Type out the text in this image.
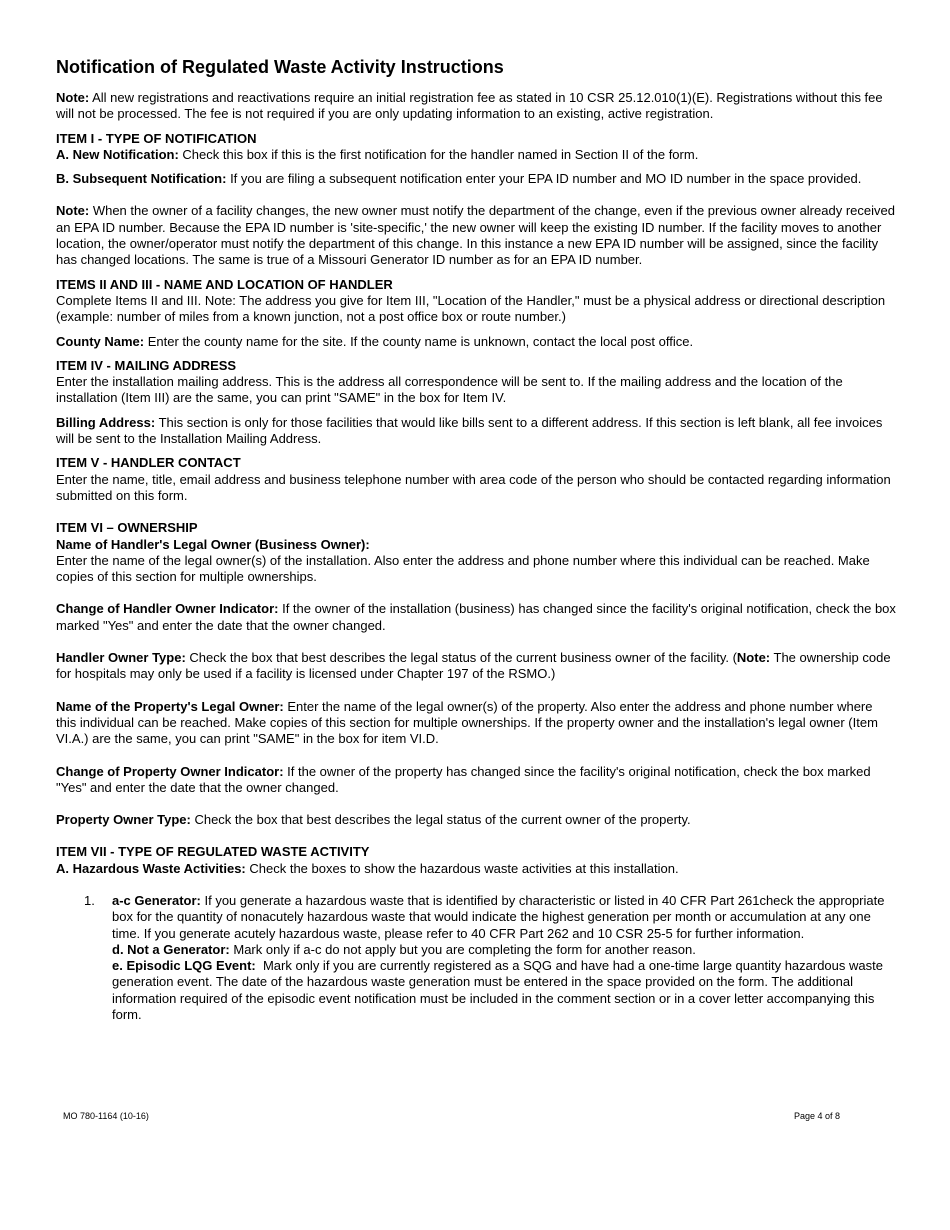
Notification of Regulated Waste Activity Instructions

Note: All new registrations and reactivations require an initial registration fee as stated in 10 CSR 25.12.010(1)(E). Registrations without this fee will not be processed. The fee is not required if you are only updating information to an existing, active registration.

ITEM I - TYPE OF NOTIFICATION

A. New Notification: Check this box if this is the first notification for the handler named in Section II of the form.

B. Subsequent Notification: If you are filing a subsequent notification enter your EPA ID number and MO ID number in the space provided.

Note: When the owner of a facility changes, the new owner must notify the department of the change, even if the previous owner already received an EPA ID number. Because the EPA ID number is 'site-specific,' the new owner will keep the existing ID number. If the facility moves to another location, the owner/operator must notify the department of this change. In this instance a new EPA ID number will be assigned, since the facility has changed locations. The same is true of a Missouri Generator ID number as for an EPA ID number.

ITEMS II AND III - NAME AND LOCATION OF HANDLER

Complete Items II and III. Note: The address you give for Item III, "Location of the Handler," must be a physical address or directional description (example: number of miles from a known junction, not a post office box or route number.)

County Name: Enter the county name for the site. If the county name is unknown, contact the local post office.

ITEM IV - MAILING ADDRESS

Enter the installation mailing address. This is the address all correspondence will be sent to. If the mailing address and the location of the installation (Item III) are the same, you can print "SAME" in the box for Item IV.

Billing Address: This section is only for those facilities that would like bills sent to a different address. If this section is left blank, all fee invoices will be sent to the Installation Mailing Address.

ITEM V - HANDLER CONTACT

Enter the name, title, email address and business telephone number with area code of the person who should be contacted regarding information submitted on this form.

ITEM VI – OWNERSHIP

Name of Handler's Legal Owner (Business Owner):

Enter the name of the legal owner(s) of the installation. Also enter the address and phone number where this individual can be reached. Make copies of this section for multiple ownerships.

Change of Handler Owner Indicator: If the owner of the installation (business) has changed since the facility's original notification, check the box marked "Yes" and enter the date that the owner changed.

Handler Owner Type: Check the box that best describes the legal status of the current business owner of the facility. (Note: The ownership code for hospitals may only be used if a facility is licensed under Chapter 197 of the RSMO.)

Name of the Property's Legal Owner: Enter the name of the legal owner(s) of the property. Also enter the address and phone number where this individual can be reached. Make copies of this section for multiple ownerships. If the property owner and the installation's legal owner (Item VI.A.) are the same, you can print "SAME" in the box for item VI.D.

Change of Property Owner Indicator: If the owner of the property has changed since the facility's original notification, check the box marked "Yes" and enter the date that the owner changed.

Property Owner Type: Check the box that best describes the legal status of the current owner of the property.

ITEM VII - TYPE OF REGULATED WASTE ACTIVITY

A. Hazardous Waste Activities: Check the boxes to show the hazardous waste activities at this installation.

1. a-c Generator: If you generate a hazardous waste that is identified by characteristic or listed in 40 CFR Part 261check the appropriate box for the quantity of nonacutely hazardous waste that would indicate the highest generation per month or accumulation at any one time. If you generate acutely hazardous waste, please refer to 40 CFR Part 262 and 10 CSR 25-5 for further information.

d. Not a Generator: Mark only if a-c do not apply but you are completing the form for another reason.

e. Episodic LQG Event:  Mark only if you are currently registered as a SQG and have had a one-time large quantity hazardous waste generation event. The date of the hazardous waste generation must be entered in the space provided on the form. The additional information required of the episodic event notification must be included in the comment section or in a cover letter accompanying this form.

MO 780-1164 (10-16)	Page 4 of 8
